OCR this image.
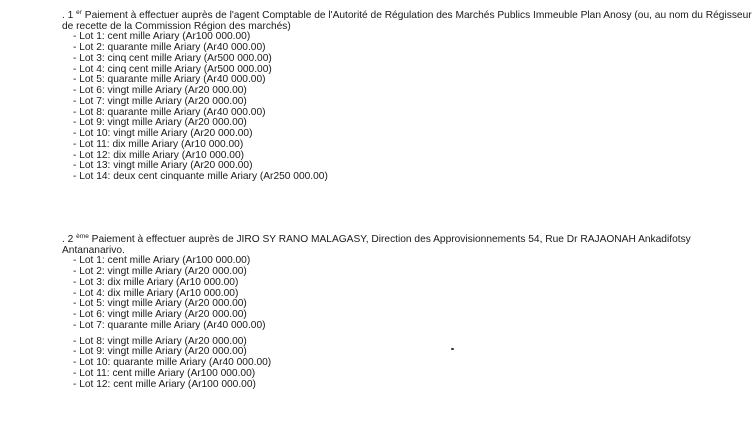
. 1 $^{er}$ Paiement à effectuer auprès de l'agent Comptable de l'Autorité de Régulation des Marchés Publics Immeuble Plan Anosy (ou, au nom du Régisseur de recette de la Commission Région des marchés)

- Lot 1: cent mille Ariary (Ar100 000.00)
- Lot 2: quarante mille Ariary (Ar40 000.00)
- Lot 3: cinq cent mille Ariary (Ar500 000.00)
- Lot 4: cinq cent mille Ariary (Ar500 000.00)
- Lot 5: quarante mille Ariary (Ar40 000.00)
- Lot 6: vingt mille Ariary (Ar20 000.00)
- Lot 7: vingt mille Ariary (Ar20 000.00)
- Lot 8: quarante mille Ariary (Ar40 000.00)
- Lot 9: vingt mille Ariary (Ar20 000.00)
- Lot 10: vingt mille Ariary (Ar20 000.00)
- Lot 11: dix mille Ariary (Ar10 000.00)
- Lot 12: dix mille Ariary (Ar10 000.00)
- Lot 13: vingt mille Ariary (Ar20 000.00)
- Lot 14: deux cent cinquante mille Ariary (Ar250 000.00)

. 2 $^{ème}$ Paiement à effectuer auprès de JIRO SY RANO MALAGASY, Direction des Approvisionnements 54, Rue Dr RAJAONAH Ankadifotsy Antananarivo.

- Lot 1: cent mille Ariary (Ar100 000.00)
- Lot 2: vingt mille Ariary (Ar20 000.00)
- Lot 3: dix mille Ariary (Ar10 000.00)
- Lot 4: dix mille Ariary (Ar10 000.00)
- Lot 5: vingt mille Ariary (Ar20 000.00)
- Lot 6: vingt mille Ariary (Ar20 000.00)
- Lot 7: quarante mille Ariary (Ar40 000.00)
- Lot 8: vingt mille Ariary (Ar20 000.00)
- Lot 9: vingt mille Ariary (Ar20 000.00)
- Lot 10: quarante mille Ariary (Ar40 000.00)
- Lot 11: cent mille Ariary (Ar100 000.00)
- Lot 12: cent mille Ariary (Ar100 000.00)
